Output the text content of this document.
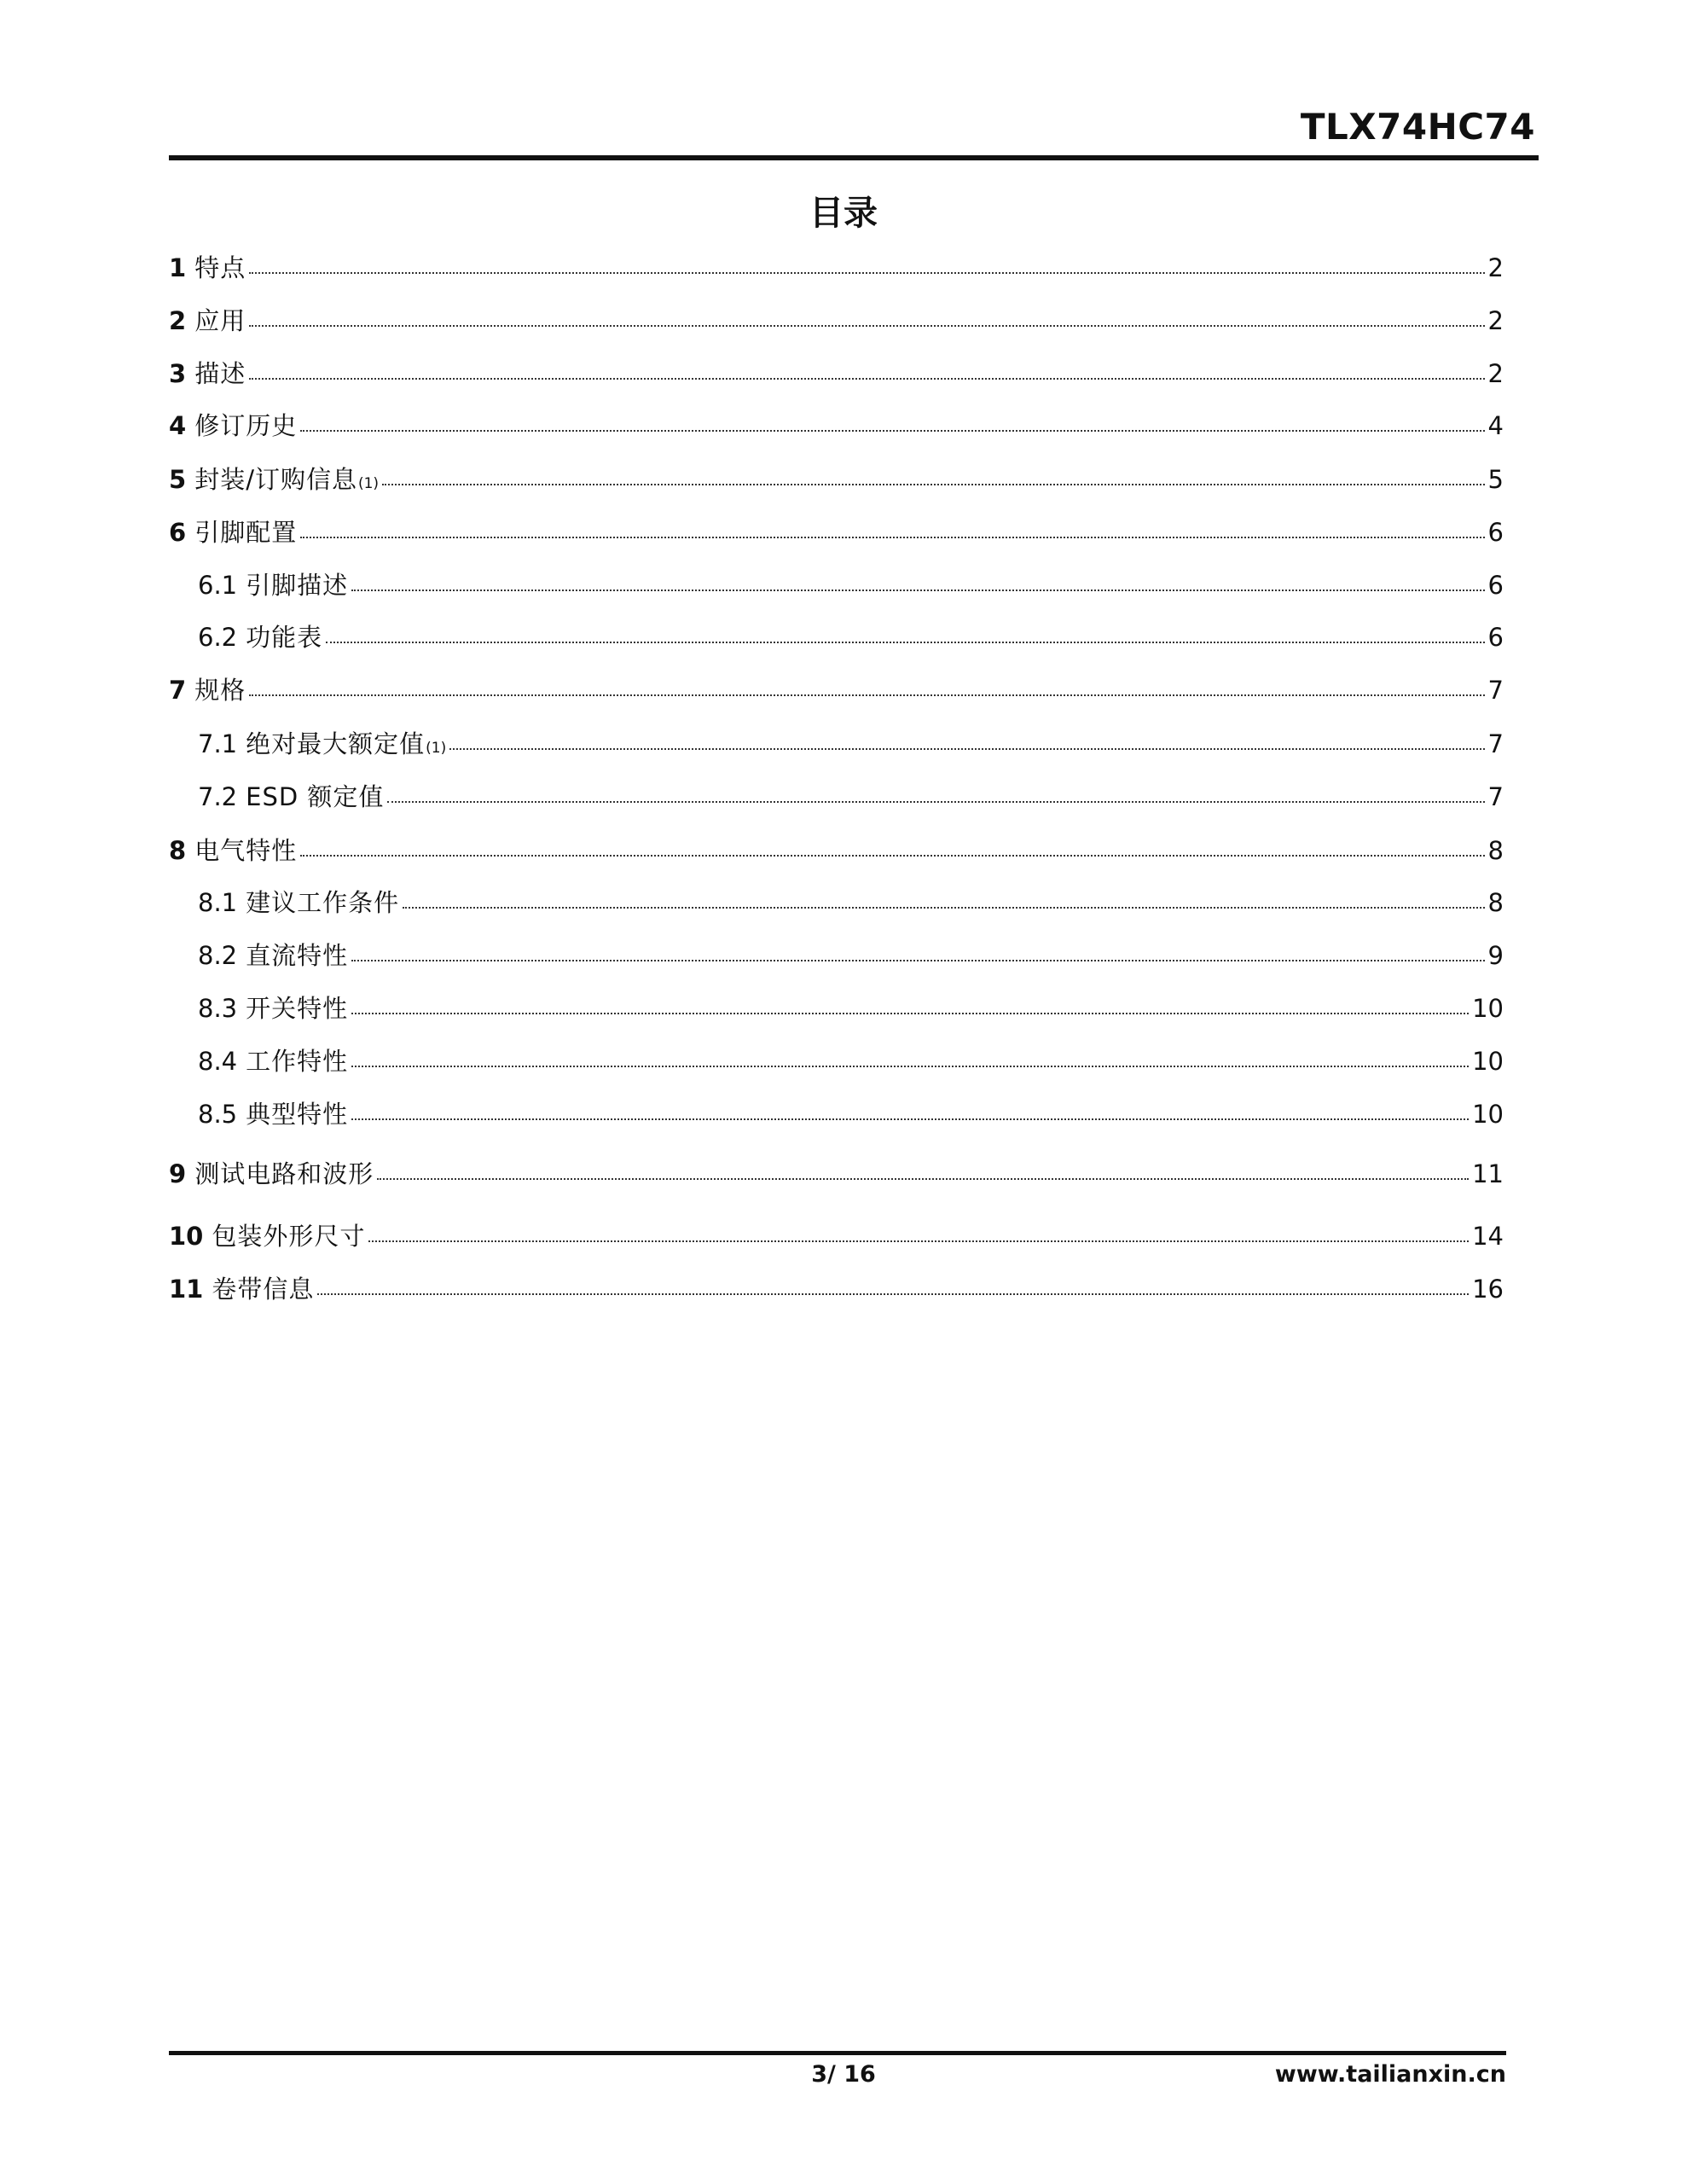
TLX74HC74
目录
1 特点	2
2 应用	2
3 描述	2
4 修订历史	4
5 封装/订购信息 (1)	5
6 引脚配置	6
6.1 引脚描述	6
6.2 功能表	6
7 规格	7
7.1 绝对最大额定值 (1)	7
7.2 ESD 额定值	7
8 电气特性	8
8.1 建议工作条件	8
8.2 直流特性	9
8.3 开关特性	10
8.4 工作特性	10
8.5 典型特性	10
9 测试电路和波形	11
10 包装外形尺寸	14
11 卷带信息	16
3/ 16	www.tailianxin.cn
